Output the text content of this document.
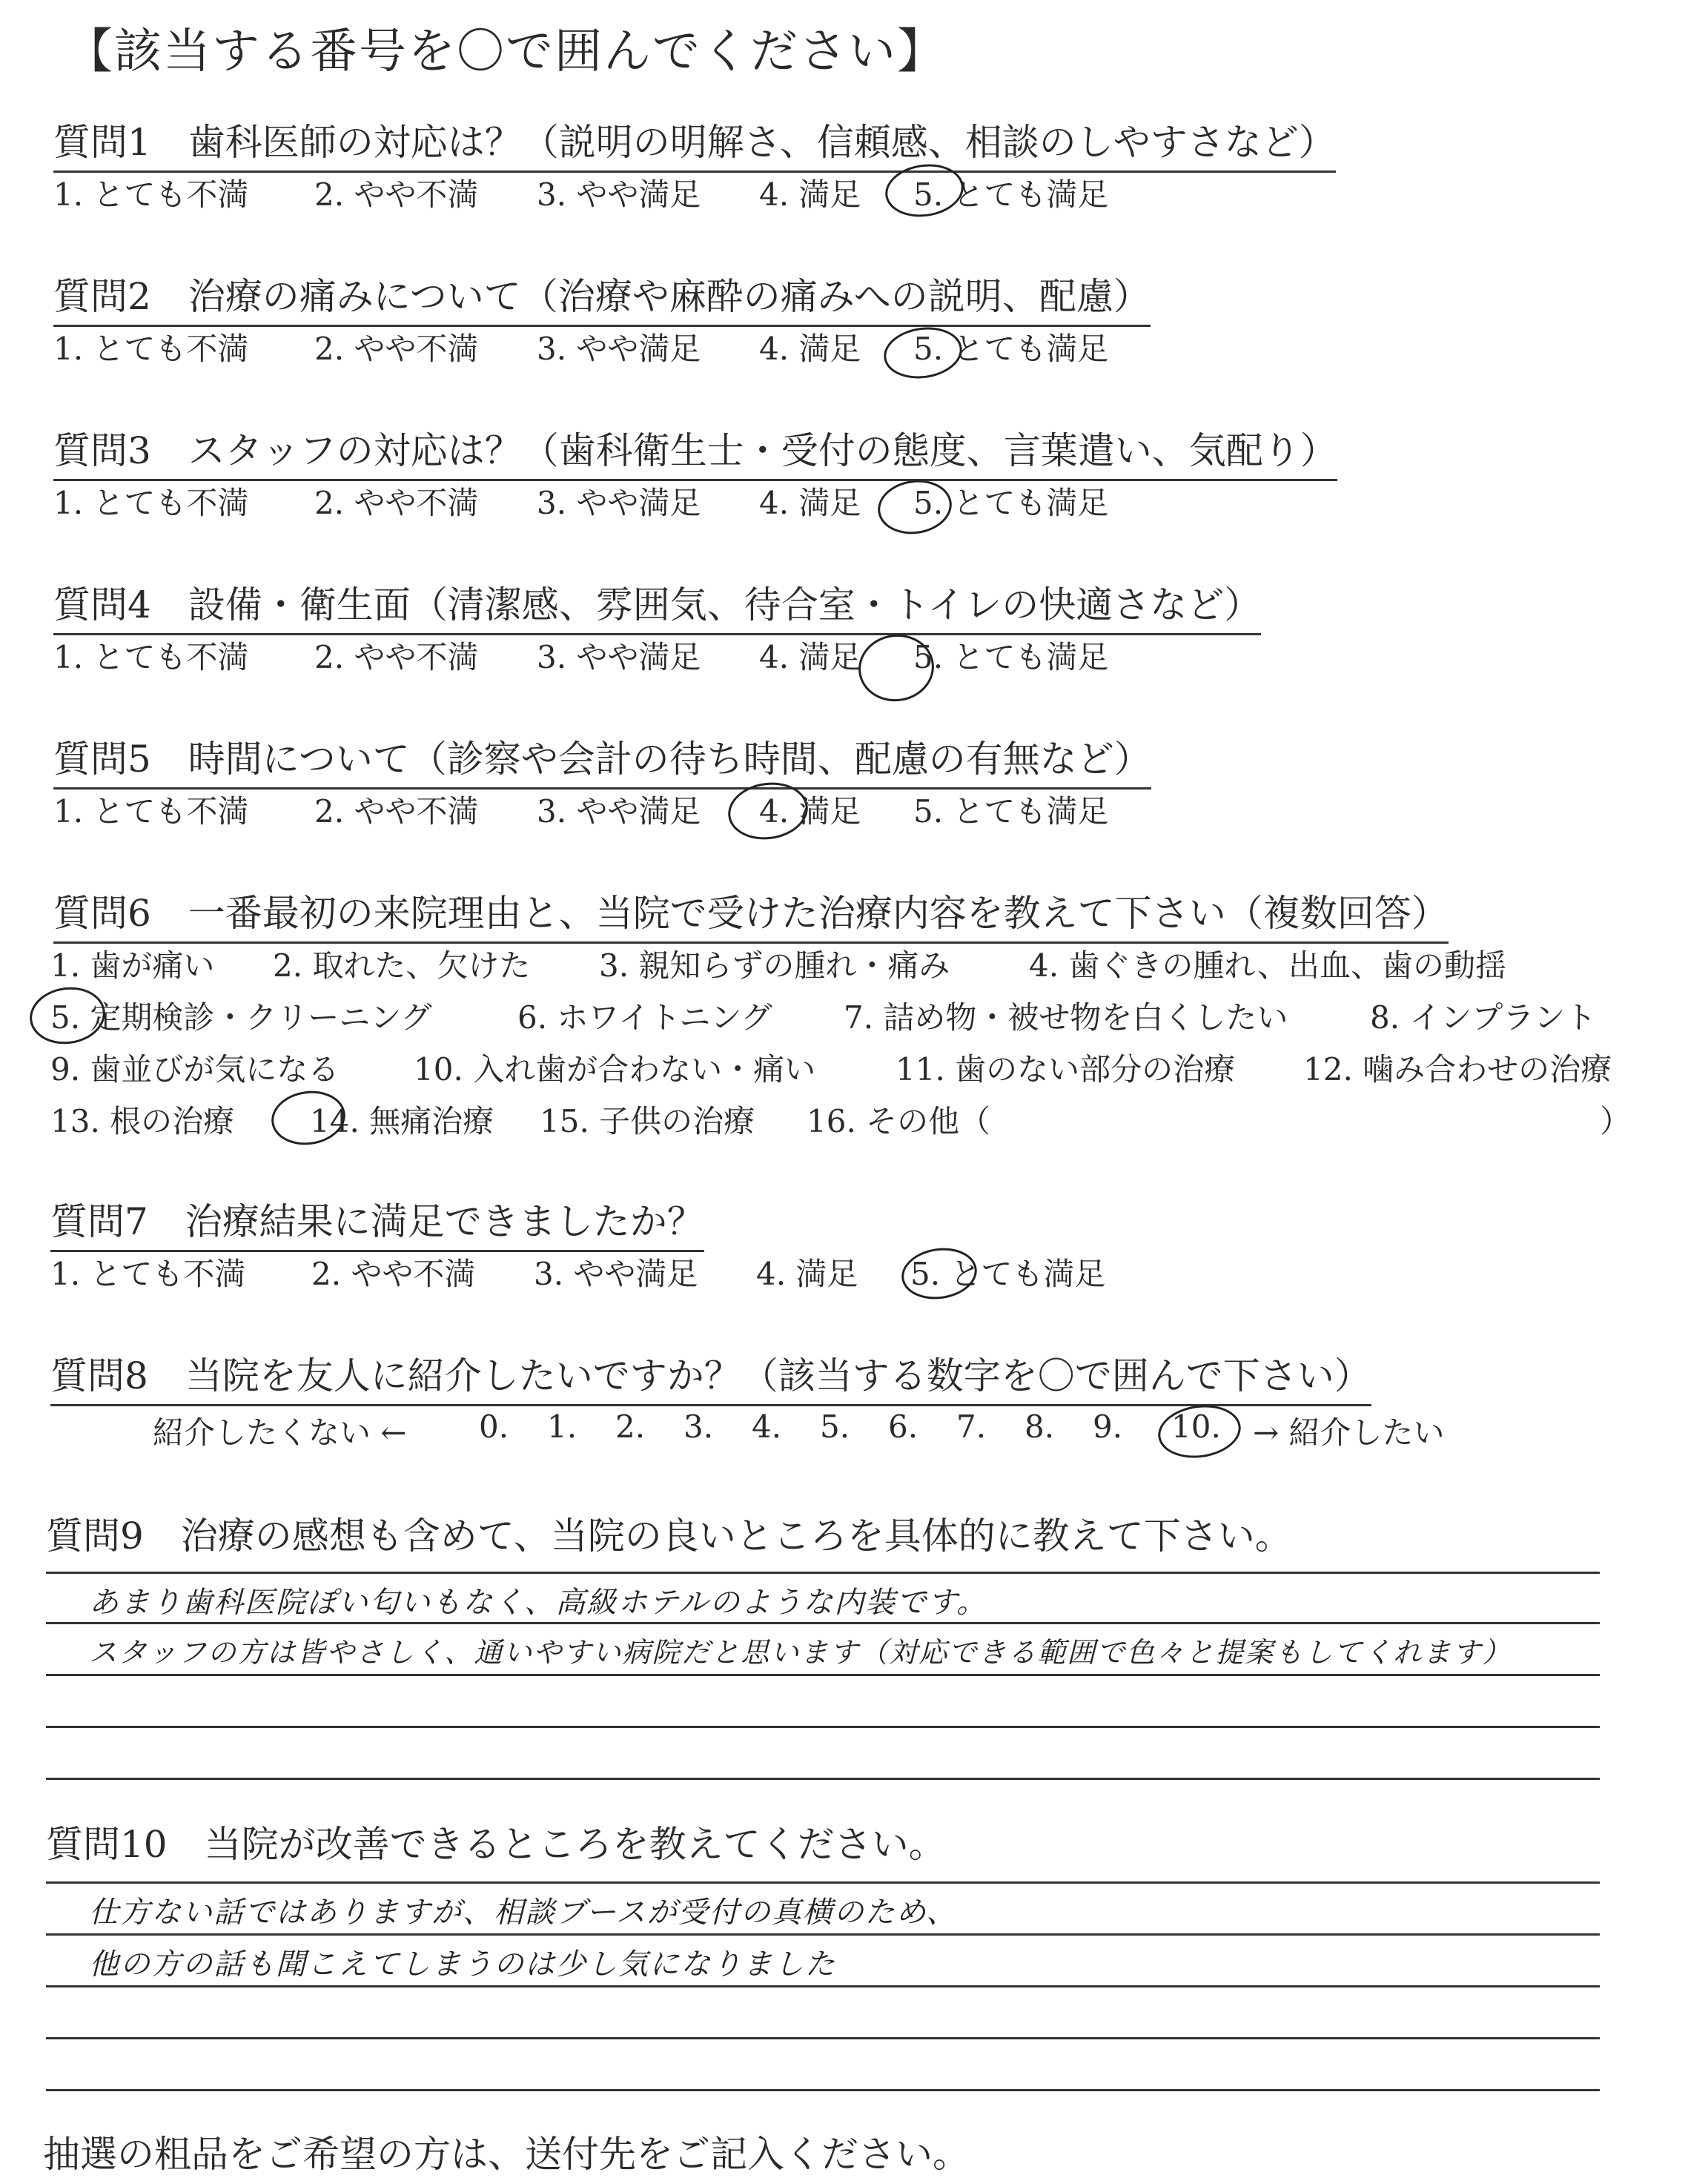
【該当する番号を〇で囲んでください】
質問1　歯科医師の対応は？（説明の明解さ、信頼感、相談のしやすさなど）
1. とても不満 2. やや不満 3. やや満足 4. 満足 5. とても満足
質問2　治療の痛みについて（治療や麻酔の痛みへの説明、配慮）
1. とても不満 2. やや不満 3. やや満足 4. 満足 5. とても満足
質問3　スタッフの対応は？（歯科衛生士・受付の態度、言葉遣い、気配り）
1. とても不満 2. やや不満 3. やや満足 4. 満足 5. とても満足
質問4　設備・衛生面（清潔感、雰囲気、待合室・トイレの快適さなど）
1. とても不満 2. やや不満 3. やや満足 4. 満足 5. とても満足
質問5　時間について（診察や会計の待ち時間、配慮の有無など）
1. とても不満 2. やや不満 3. やや満足 4. 満足 5. とても満足
質問6　一番最初の来院理由と、当院で受けた治療内容を教えて下さい（複数回答）
1. 歯が痛い 2. 取れた、欠けた 3. 親知らずの腫れ・痛み	4. 歯ぐきの腫れ、出血、歯の動揺
5. 定期検診・クリーニング	6. ホワイトニング 7. 詰め物・被せ物を白くしたい	8. インプラント
9. 歯並びが気になる 10. 入れ歯が合わない・痛い	11. 歯のない部分の治療 12. 噛み合わせの治療
13. 根の治療 14. 無痛治療 15. 子供の治療 16. その他（	）
質問7　治療結果に満足できましたか？
1. とても不満 2. やや不満 3. やや満足 4. 満足 5. とても満足
質問8　当院を友人に紹介したいですか？（該当する数字を〇で囲んで下さい）
紹介したくない ← 0. 1. 2. 3. 4. 5. 6. 7. 8. 9. 10. → 紹介したい
質問9　治療の感想も含めて、当院の良いところを具体的に教えて下さい。
あまり歯科医院ぽい匂いもなく、高級ホテルのような内装です。
スタッフの方は皆やさしく、通いやすい病院だと思います（対応できる範囲で色々と提案もしてくれます）
質問10　当院が改善できるところを教えてください。
仕方ない話ではありますが、相談ブースが受付の真横のため、
他の方の話も聞こえてしまうのは少し気になりました
抽選の粗品をご希望の方は、送付先をご記入ください。
